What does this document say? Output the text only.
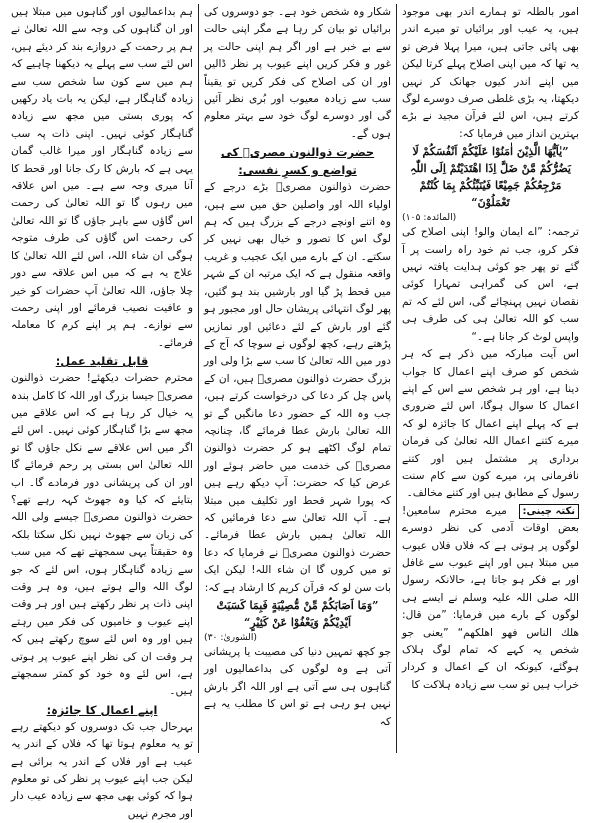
امور بالطلہ تو ہمارے اندر بھی موجود ہیں، یہ عیب اور برائیاں تو میرے اندر بھی پائی جاتی ہیں، میرا پہلا فرض تو یہ تھا کہ میں اپنی اصلاح پہلے کرتا لیکن میں اپنے اندر کیوں جھانک کر نہیں دیکھتا، یہ بڑی غلطی صرف دوسرے لوگ کرتے ہیں، اس لئے قرآن مجید نے بڑے بہترین انداز میں فرمایا کہ:

”یٰاَیُّهَا الَّذِیْنَ اٰمَنُوْا عَلَیْکُمْ اَنْفُسَکُمْ لَا یَضُرُّکُمْ مَّنْ ضَلَّ اِذَا اهْتَدَیْتُمْ اِلَی اللّٰہِ مَرْجِعُکُمْ جَمِیْعًا فَیُنَبِّئُکُمْ بِمَا کُنْتُمْ تَعْمَلُوْنَ“

(المائدہ: ۱۰۵)

ترجمہ: ”اے ایمان والو! اپنی اصلاح کی فکر کرو، جب تم خود راہ راست پر آ گئے تو پھر جو کوئی ہدایت یافتہ نہیں ہے، اس کی گمراہی تمہارا کوئی نقصان نہیں پہنچائے گی، اس لئے کہ تم سب کو اللہ تعالیٰ ہی کی طرف ہی واپس لوٹ کر جانا ہے۔“

اس آیت مبارکہ میں ذکر ہے کہ ہر شخص کو صرف اپنے اعمال کا جواب دینا ہے، اور ہر شخص سے اس کے اپنے اعمال کا سوال ہوگا، اس لئے ضروری ہے کہ پہلے اپنے اعمال کا جائزہ لو کہ میرے کتنے اعمال اللہ تعالیٰ کی فرمان برداری پر مشتمل ہیں اور کتنے نافرمانی پر، میرے کون سے کام سنت رسول کے مطابق ہیں اور کتنے مخالف۔

نکتہ چینی: میرے محترم سامعین! بعض اوقات آدمی کی نظر دوسرے لوگوں پر ہوتی ہے کہ فلاں فلاں عیوب میں مبتلا ہیں اور اپنے عیوب سے غافل اور بے فکر ہو جاتا ہے، حالانکہ رسول اللہ صلی اللہ علیہ وسلم نے ایسے ہی لوگوں کے بارے میں فرمایا: ”من قال: هلك الناس فهو اهلكهم“ ”یعنی جو شخص یہ کہے کہ تمام لوگ ہلاک ہوگئے، کیونکہ ان کے اعمال و کردار خراب ہیں تو سب سے زیادہ ہلاکت کا

شکار وہ شخص خود ہے۔ جو دوسروں کی برائیاں تو بیان کر رہا ہے مگر اپنی حالت سے بے خبر ہے اور اگر ہم اپنی حالت پر غور و فکر کریں اپنے عیوب پر نظر ڈالیں اور ان کی اصلاح کی فکر کریں تو یقیناً سب سے زیادہ معیوب اور بُری نظر آئیں گی اور دوسرے لوگ خود سے بہتر معلوم ہوں گے۔

حضرت ذوالنون مصریؒ کی تواضع و کسرِ نفسی:

حضرت ذوالنون مصریؒ بڑے درجے کے اولیاء اللہ اور واصلین حق میں سے ہیں، وہ اتنے اونچے درجے کے بزرگ ہیں کہ ہم لوگ اس کا تصور و خیال بھی نہیں کر سکتے۔ ان کے بارے میں ایک عجیب و غریب واقعہ منقول ہے کہ ایک مرتبہ ان کے شہر میں قحط پڑ گیا اور بارشیں بند ہو گئیں، پھر لوگ انتہائی پریشان حال اور مجبور ہو گئے اور بارش کے لئے دعائیں اور نمازیں پڑھتے رہے، کچھ لوگوں نے سوچا کہ آج کے دور میں اللہ تعالیٰ کا سب سے بڑا ولی اور بزرگ حضرت ذوالنون مصریؒ ہیں، ان کے پاس چل کر دعا کی درخواست کرتے ہیں، جب وہ اللہ کے حضور دعا مانگیں گے تو اللہ تعالیٰ بارش عطا فرمائے گا، چنانچہ تمام لوگ اکٹھے ہو کر حضرت ذوالنون مصریؒ کی خدمت میں حاضر ہوئے اور عرض کیا کہ حضرت: آپ دیکھ رہے ہیں کہ پورا شہر قحط اور تکلیف میں مبتلا ہے۔ آپ اللہ تعالیٰ سے دعا فرمائیں کہ اللہ تعالیٰ ہمیں بارش عطا فرمائے۔ حضرت ذوالنون مصریؒ نے فرمایا کہ دعا تو میں کروں گا ان شاء اللہ! لیکن ایک بات سن لو کہ قرآن کریم کا ارشاد ہے کہ:

”وَمَا اَصَابَکُمْ مِّنْ مُّصِیْبَةٍ فَبِمَا کَسَبَتْ اَیْدِیْکُمْ وَیَعْفُوْا عَنْ کَثِیْرٍ“

(الشوریٰ: ۳۰)

جو کچھ تمہیں دنیا کی مصیبت یا پریشانی آتی ہے وہ لوگوں کی بداعمالیوں اور گناہوں ہی سے آتی ہے اور اللہ اگر بارش نہیں ہو رہی ہے تو اس کا مطلب یہ ہے کہ

ہم بداعمالیوں اور گناہوں میں مبتلا ہیں اور ان گناہوں کی وجہ سے اللہ تعالیٰ نے ہم پر رحمت کے دروازے بند کر دیئے ہیں، اس لئے سب سے پہلے یہ دیکھنا چاہیے کہ ہم میں سے کون سا شخص سب سے زیادہ گناہگار ہے، لیکن یہ بات یاد رکھیں کہ پوری بستی میں مجھ سے زیادہ گناہگار کوئی نہیں۔ اپنی ذات پہ سب سے زیادہ گناہگار اور میرا غالب گمان یہی ہے کہ بارش کا رک جانا اور قحط کا آنا میری وجہ سے ہے۔ میں اس علاقہ میں رہوں گا تو اللہ تعالیٰ کی رحمت اس گاؤں سے باہر جاؤں گا تو اللہ تعالیٰ کی رحمت اس گاؤں کی طرف متوجہ ہوگی ان شاء اللہ، اس لئے اللہ تعالیٰ کا علاج یہ ہے کہ میں اس علاقہ سے دور چلا جاؤں، اللہ تعالیٰ آپ حضرات کو خیر و عافیت نصیب فرمائے اور اپنی رحمت سے نوازے۔ ہم پر اپنے کرم کا معاملہ فرمائے۔

قابل تقلید عمل:

محترم حضرات دیکھئے! حضرت ذوالنون مصریؒ جیسا بزرگ اور اللہ کا کامل بندہ یہ خیال کر رہا ہے کہ اس علاقے میں مجھ سے بڑا گناہگار کوئی نہیں۔ اس لئے اگر میں اس علاقے سے نکل جاؤں گا تو اللہ تعالیٰ اس بستی پر رحم فرمائے گا اور ان کی پریشانی دور فرمادے گا۔ اب بتایئے کہ کیا وہ جھوٹ کہہ رہے تھے؟ حضرت ذوالنون مصریؒ جیسے ولی اللہ کی زبان سے جھوٹ نہیں نکل سکتا بلکہ وہ حقیقتاً یہی سمجھتے تھے کہ میں سب سے زیادہ گناہگار ہوں، اس لئے کہ جو لوگ اللہ والے ہوتے ہیں، وہ ہر وقت اپنی ذات پر نظر رکھتے ہیں اور ہر وقت اپنے عیوب و خامیوں کی فکر میں رہتے ہیں اور وہ اس لئے سوچ رکھتے ہیں کہ ہر وقت ان کی نظر اپنے عیوب پر ہوتی ہے، اس لئے وہ خود کو کمتر سمجھتے ہیں۔

اپنے اعمال کا جائزہ:

بہرحال جب تک دوسروں کو دیکھتے رہے تو یہ معلوم ہوتا تھا کہ فلاں کے اندر یہ عیب ہے اور فلاں کے اندر یہ برائی ہے لیکن جب اپنے عیوب پر نظر کی تو معلوم ہوا کہ کوئی بھی مجھ سے زیادہ عیب دار اور مجرم نہیں
